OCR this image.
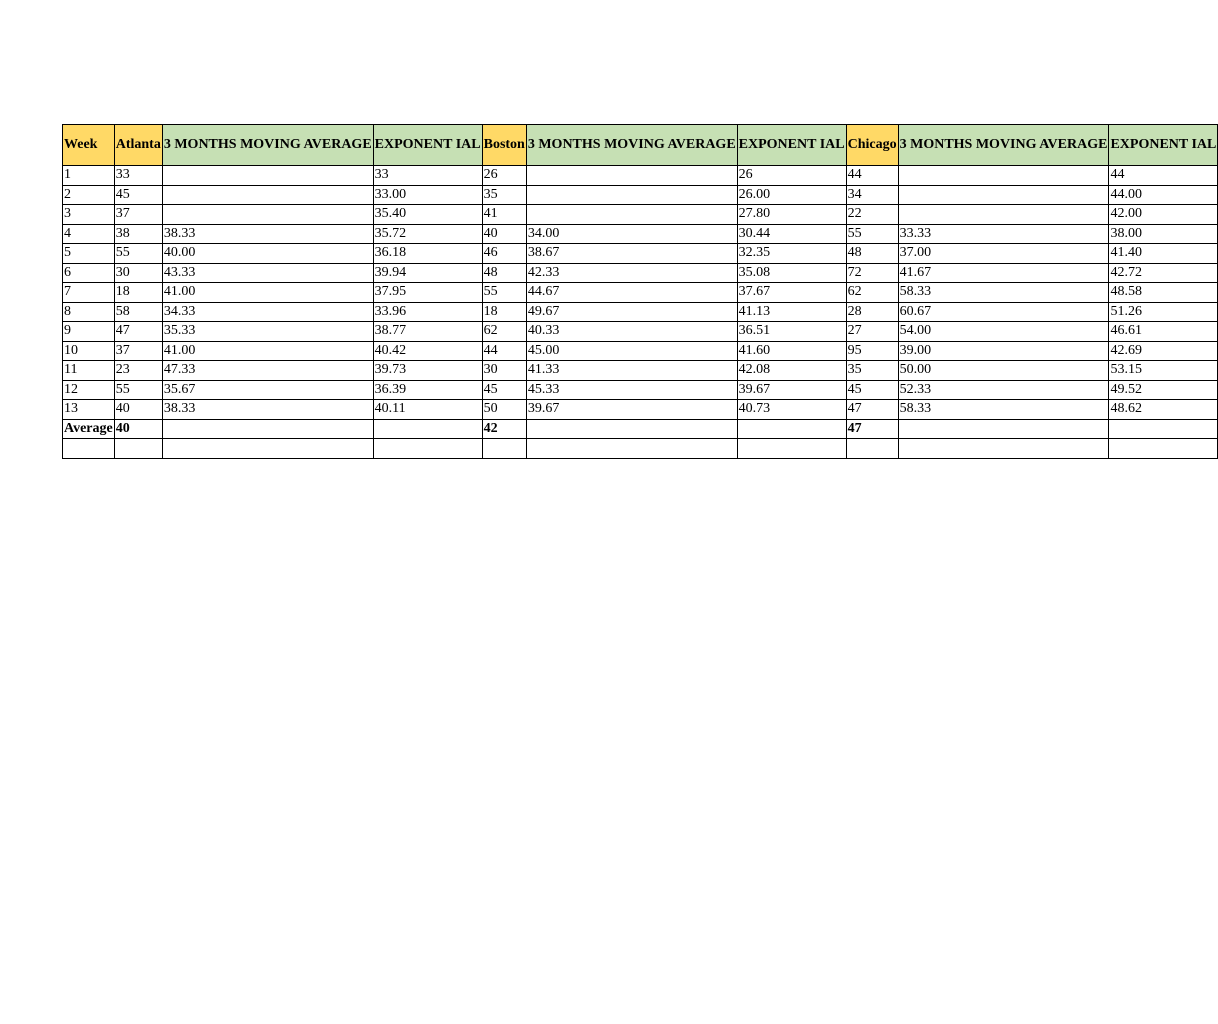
Week	Atlanta	3 MONTHS MOVING AVERAGE	EXPONENT IAL	Boston	3 MONTHS MOVING AVERAGE	EXPONENT IAL	Chicago	3 MONTHS MOVING AVERAGE	EXPONENT IAL
1	33		33	26		26	44		44
2	45		33.00	35		26.00	34		44.00
3	37		35.40	41		27.80	22		42.00
4	38	38.33	35.72	40	34.00	30.44	55	33.33	38.00
5	55	40.00	36.18	46	38.67	32.35	48	37.00	41.40
6	30	43.33	39.94	48	42.33	35.08	72	41.67	42.72
7	18	41.00	37.95	55	44.67	37.67	62	58.33	48.58
8	58	34.33	33.96	18	49.67	41.13	28	60.67	51.26
9	47	35.33	38.77	62	40.33	36.51	27	54.00	46.61
10	37	41.00	40.42	44	45.00	41.60	95	39.00	42.69
11	23	47.33	39.73	30	41.33	42.08	35	50.00	53.15
12	55	35.67	36.39	45	45.33	39.67	45	52.33	49.52
13	40	38.33	40.11	50	39.67	40.73	47	58.33	48.62
Average	40			42			47		
